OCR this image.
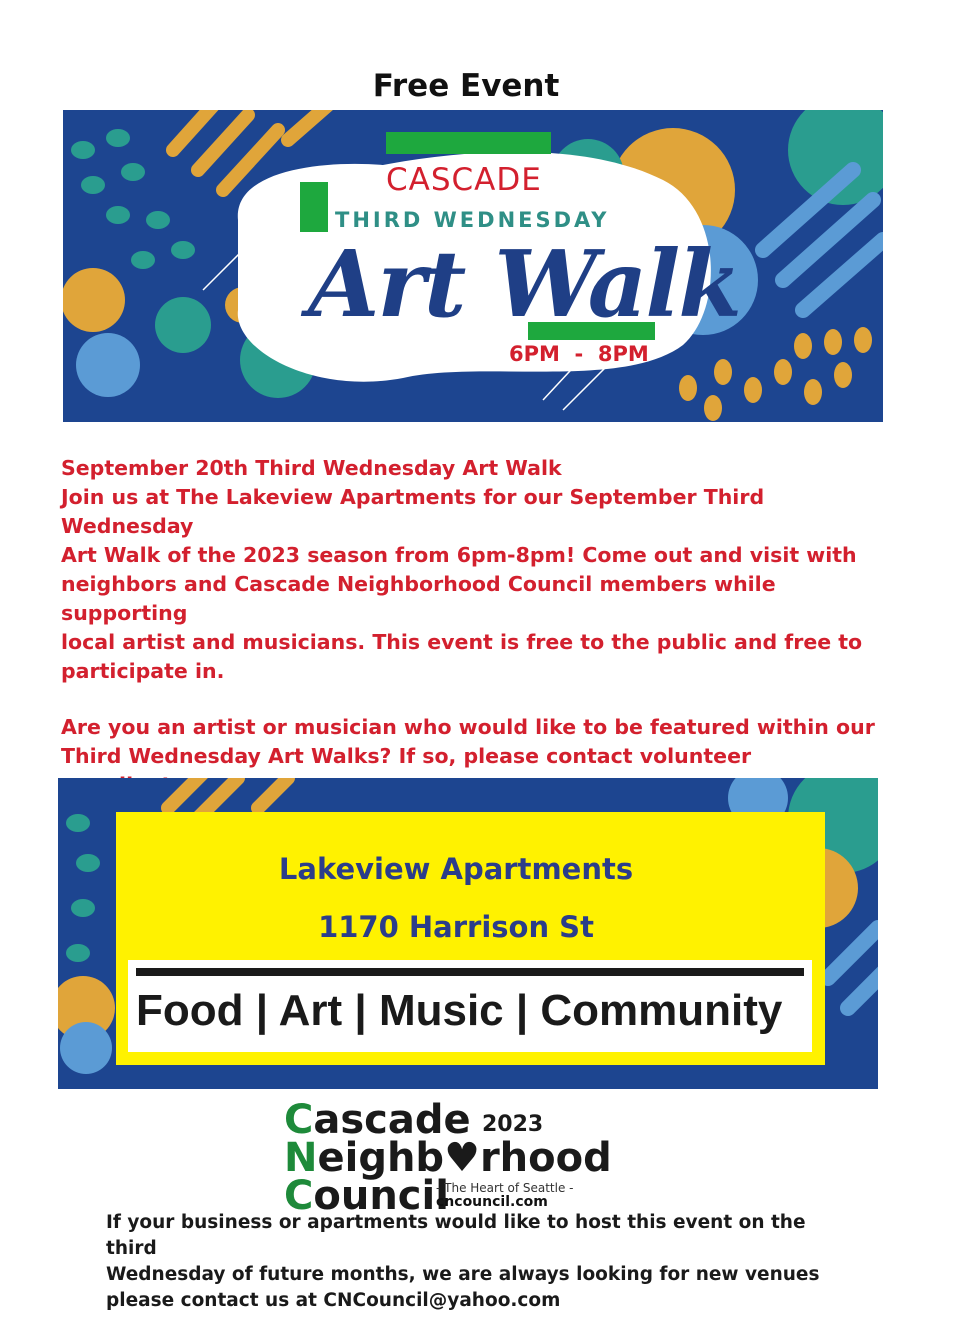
Free Event
CASCADE
THIRD WEDNESDAY
Art Walk
6PM  -  8PM

September 20th Third Wednesday Art Walk

Join us at The Lakeview Apartments for our September Third Wednesday

Art Walk of the 2023 season from 6pm-8pm! Come out and visit with

neighbors and Cascade Neighborhood Council members while supporting

local artist and musicians. This event is free to the public and free to

participate in.

Are you an artist or musician who would like to be featured within our

Third Wednesday Art Walks? If so, please contact volunteer

Lakeview Apartments
1170 Harrison St
Food | Art | Music | Community
Cascade
Neighb♥rhood
Council
2023
- The Heart of Seattle -
cncouncil.com

If your business or apartments would like to host this event on the third

Wednesday of future months, we are always looking for new venues

please contact us at CNCouncil@yahoo.com
